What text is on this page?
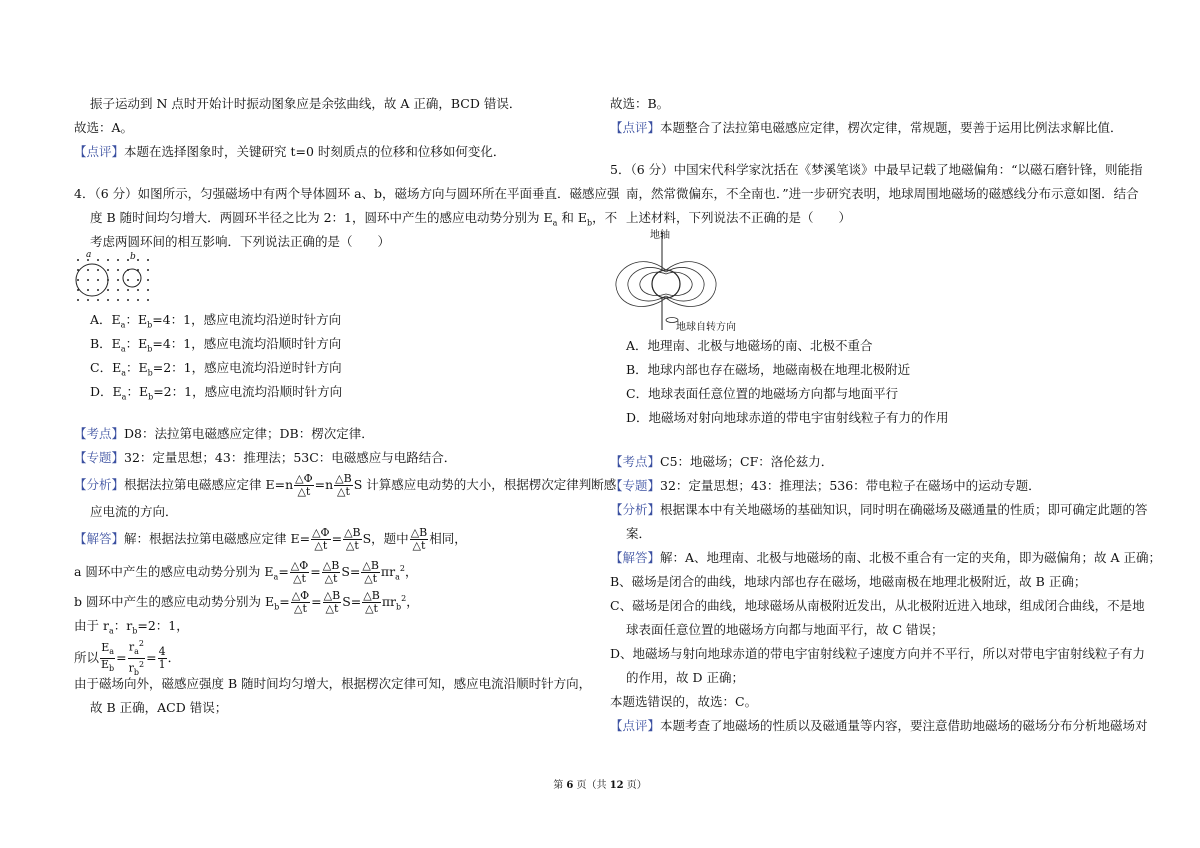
振子运动到 N 点时开始计时振动图象应是余弦曲线，故 A 正确，BCD 错误．
故选：A。
【点评】本题在选择图象时，关键研究 t=0 时刻质点的位移和位移如何变化．
4．（6 分）如图所示，匀强磁场中有两个导体圆环 a、b，磁场方向与圆环所在平面垂直．磁感应强
度 B 随时间均匀增大．两圆环半径之比为 2：1，圆环中产生的感应电动势分别为 $E_a$ 和 $E_b$，不
考虑两圆环间的相互影响．下列说法正确的是（　　）
a	b
A．$E_a$：$E_b=4$：1，感应电流均沿逆时针方向
B．$E_a$：$E_b=4$：1，感应电流均沿顺时针方向
C．$E_a$：$E_b=2$：1，感应电流均沿逆时针方向
D．$E_a$：$E_b=2$：1，感应电流均沿顺时针方向
【考点】D8：法拉第电磁感应定律；DB：楞次定律．
【专题】32：定量思想；43：推理法；53C：电磁感应与电路结合．
【分析】根据法拉第电磁感应定律 $E=n \frac{\triangle\Phi}{\triangle t} =n \frac{\triangle B}{\triangle t}$ S 计算感应电动势的大小，根据楞次定律判断感
应电流的方向．
【解答】解：根据法拉第电磁感应定律 $E= \frac{\triangle\Phi}{\triangle t} = \frac{\triangle B}{\triangle t}$ S，题中 $\frac{\triangle B}{\triangle t}$ 相同，
a 圆环中产生的感应电动势分别为 $E_a= \frac{\triangle\Phi}{\triangle t} = \frac{\triangle B}{\triangle t} S= \frac{\triangle B}{\triangle t} \pi r_a^2$，
b 圆环中产生的感应电动势分别为 $E_b= \frac{\triangle\Phi}{\triangle t} = \frac{\triangle B}{\triangle t} S= \frac{\triangle B}{\triangle t} \pi r_b^2$，
由于 $r_a$：$r_b=2$：1，
所以 $\frac{E_a}{E_b} = \frac{r_a^2}{r_b^2} = \frac{4}{1}$ ．
由于磁场向外，磁感应强度 B 随时间均匀增大，根据楞次定律可知，感应电流沿顺时针方向，
故 B 正确，ACD 错误；
故选：B。
【点评】本题整合了法拉第电磁感应定律，楞次定律，常规题，要善于运用比例法求解比值．
5．（6 分）中国宋代科学家沈括在《梦溪笔谈》中最早记载了地磁偏角：“以磁石磨针锋，则能指
南，然常微偏东，不全南也．”进一步研究表明，地球周围地磁场的磁感线分布示意如图．结合
上述材料，下列说法不正确的是（　　）
地轴
地球自转方向
A．地理南、北极与地磁场的南、北极不重合
B．地球内部也存在磁场，地磁南极在地理北极附近
C．地球表面任意位置的地磁场方向都与地面平行
D．地磁场对射向地球赤道的带电宇宙射线粒子有力的作用
【考点】C5：地磁场；CF：洛伦兹力．
【专题】32：定量思想；43：推理法；536：带电粒子在磁场中的运动专题．
【分析】根据课本中有关地磁场的基础知识，同时明在确磁场及磁通量的性质；即可确定此题的答
案．
【解答】解：A、地理南、北极与地磁场的南、北极不重合有一定的夹角，即为磁偏角；故 A 正确；
B、磁场是闭合的曲线，地球内部也存在磁场，地磁南极在地理北极附近，故 B 正确；
C、磁场是闭合的曲线，地球磁场从南极附近发出，从北极附近进入地球，组成闭合曲线，不是地
球表面任意位置的地磁场方向都与地面平行，故 C 错误；
D、地磁场与射向地球赤道的带电宇宙射线粒子速度方向并不平行，所以对带电宇宙射线粒子有力
的作用，故 D 正确；
本题选错误的，故选：C。
【点评】本题考查了地磁场的性质以及磁通量等内容，要注意借助地磁场的磁场分布分析地磁场对
第 6 页（共 12 页）
